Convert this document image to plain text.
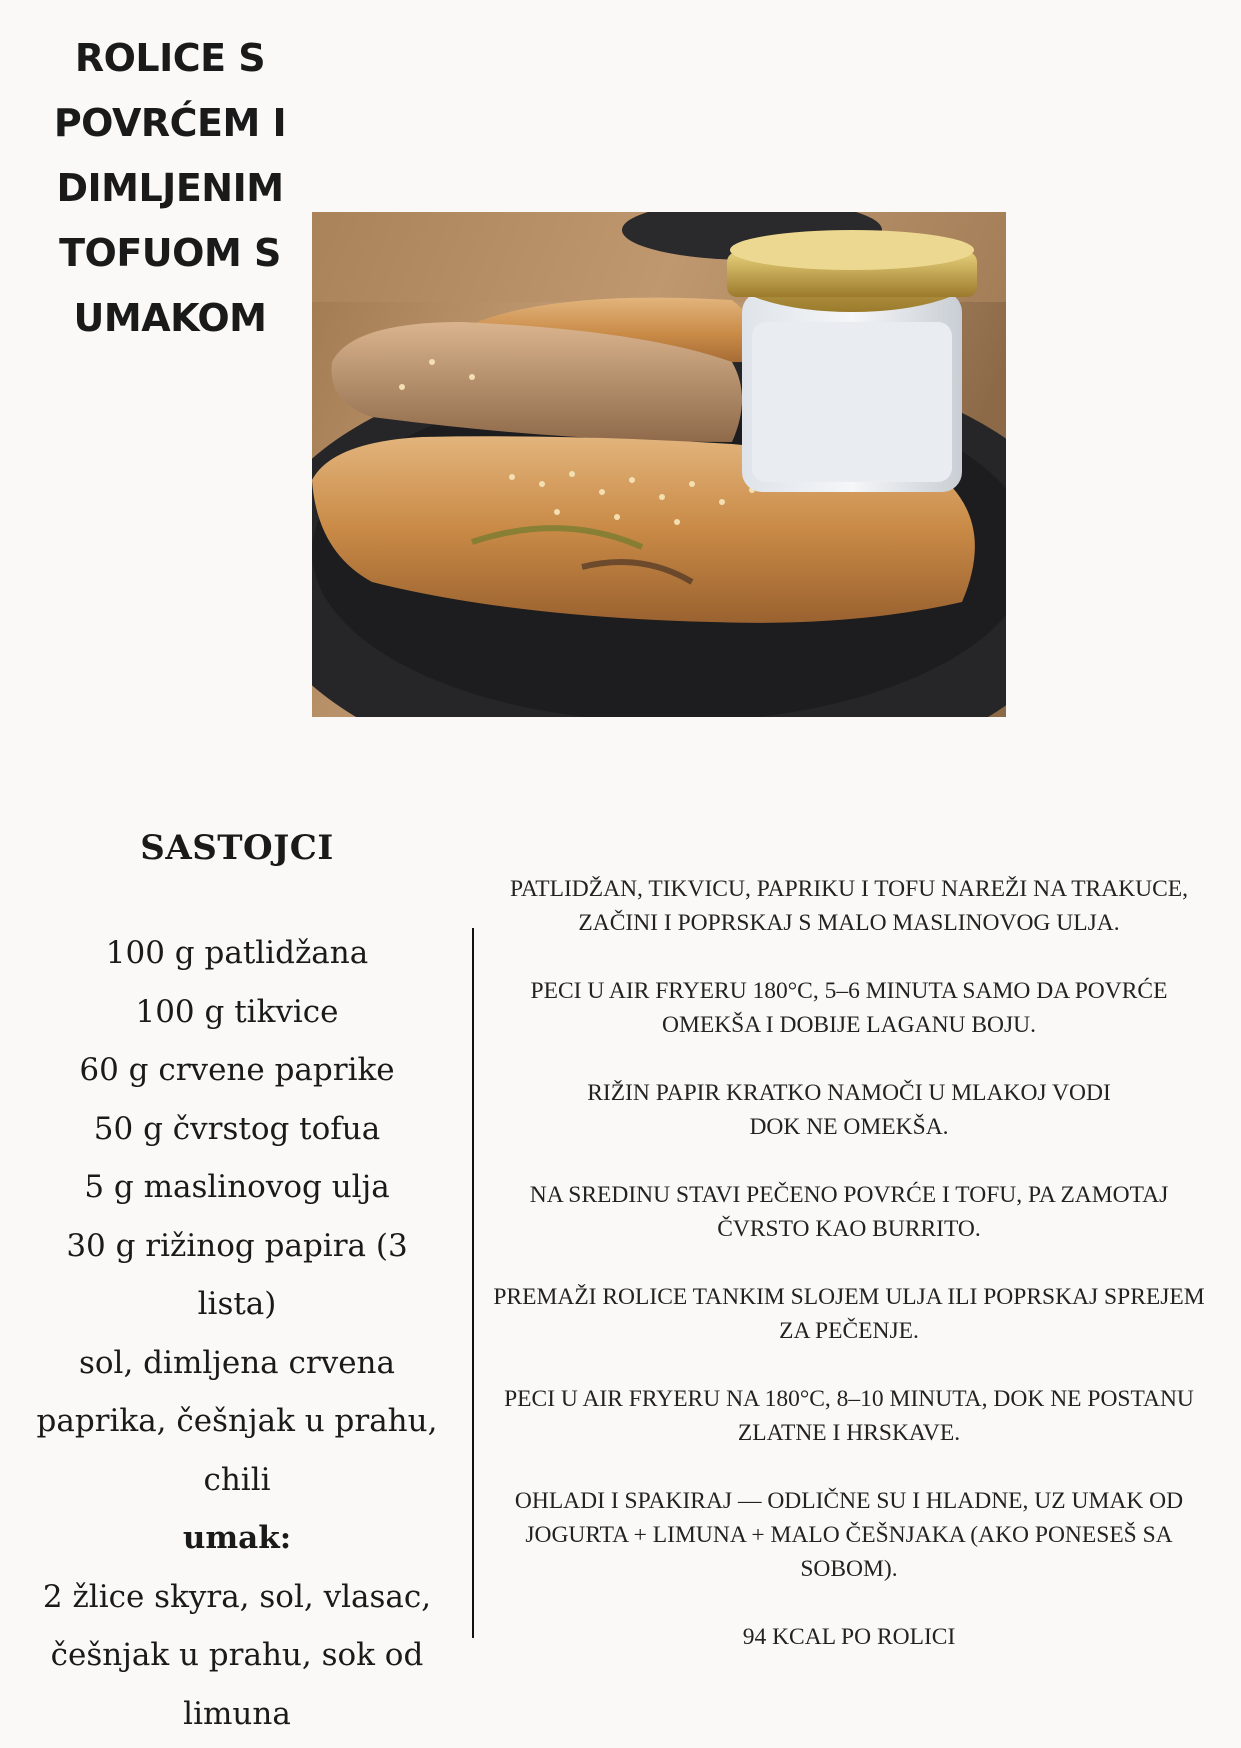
ROLICE S
POVRĆEM I
DIMLJENIM
TOFUOM S
UMAKOM
SASTOJCI
100 g patlidžana
100 g tikvice
60 g crvene paprike
50 g čvrstog tofua
5 g maslinovog ulja
30 g rižinog papira (3 lista)
sol, dimljena crvena paprika, češnjak u prahu, chili
umak:
2 žlice skyra, sol, vlasac, češnjak u prahu, sok od limuna

PATLIDŽAN, TIKVICU, PAPRIKU I TOFU NAREŽI NA TRAKUCE,
ZAČINI I POPRSKAJ S MALO MASLINOVOG ULJA.

PECI U AIR FRYERU 180°C, 5–6 MINUTA SAMO DA POVRĆE
OMEKŠA I DOBIJE LAGANU BOJU.

RIŽIN PAPIR KRATKO NAMOČI U MLAKOJ VODI
DOK NE OMEKŠA.

NA SREDINU STAVI PEČENO POVRĆE I TOFU, PA ZAMOTAJ
ČVRSTO KAO BURRITO.

PREMAŽI ROLICE TANKIM SLOJEM ULJA ILI POPRSKAJ SPREJEM
ZA PEČENJE.

PECI U AIR FRYERU NA 180°C, 8–10 MINUTA, DOK NE POSTANU
ZLATNE I HRSKAVE.

OHLADI I SPAKIRAJ — ODLIČNE SU I HLADNE, UZ UMAK OD
JOGURTA + LIMUNA + MALO ČEŠNJAKA (AKO PONESEŠ SA
SOBOM).

94 KCAL PO ROLICI
